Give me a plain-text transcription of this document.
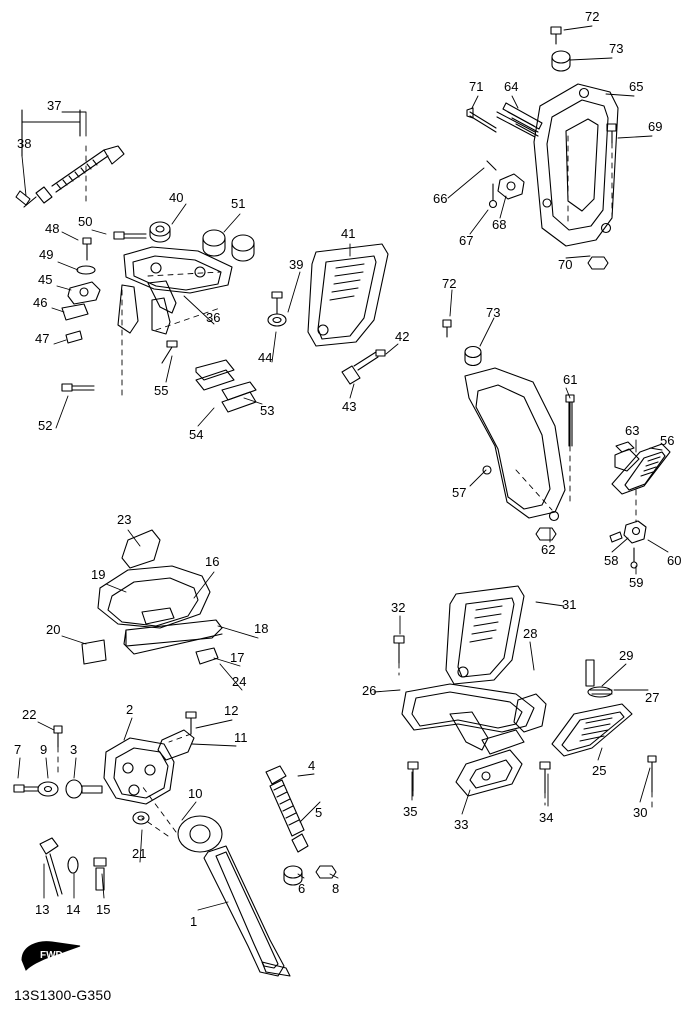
FWD
13S1300-G350
1
2
3
4
5
6
7
8
9
10
11
12
13 14 15
16
17
18
19
20
21
22
23
24
25
26	27
28
29
30
31
32
33	34
35
36
37
38
39
40
41
42
43
44
45
46
47
48
49
50
51
52
53
54
55
56
57
58
59
60
61
62
63
64	65
66
67
68
69
70
71
72
73
72
73
